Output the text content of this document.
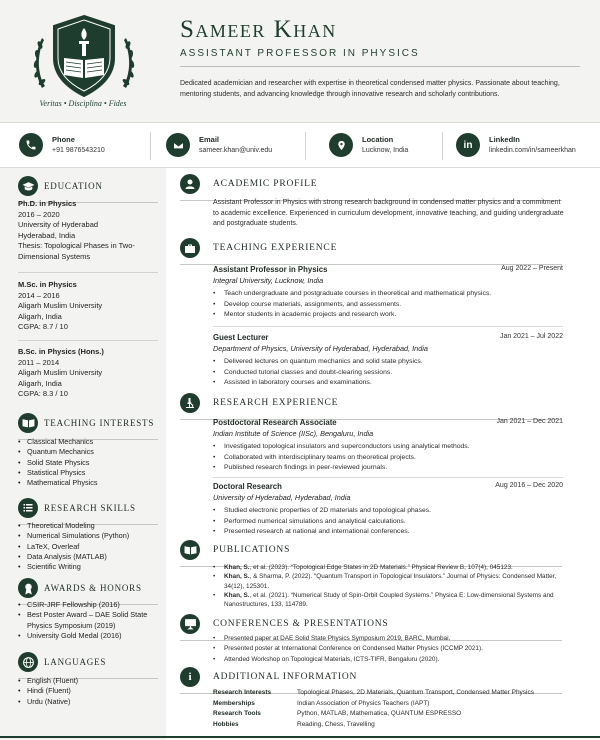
Veritas • Disciplina • Fides
Sameer Khan
ASSISTANT PROFESSOR IN PHYSICS
Dedicated academician and researcher with expertise in theoretical condensed matter physics. Passionate about teaching, mentoring students, and advancing knowledge through innovative research and scholarly contributions.
Phone
+91 9876543210
Email
sameer.khan@univ.edu
Location
Lucknow, India	in LinkedIn
linkedin.com/in/sameerkhan
EDUCATION
Ph.D. in Physics
2016 – 2020
University of Hyderabad
Hyderabad, India
Thesis: Topological Phases in Two-Dimensional Systems
M.Sc. in Physics
2014 – 2016
Aligarh Muslim University
Aligarh, India
CGPA: 8.7 / 10
B.Sc. in Physics (Hons.)
2011 – 2014
Aligarh Muslim University
Aligarh, India
CGPA: 8.3 / 10
TEACHING INTERESTS
• Classical Mechanics
• Quantum Mechanics
• Solid State Physics
• Statistical Physics
• Mathematical Physics
RESEARCH SKILLS
• Theoretical Modeling
• Numerical Simulations (Python)
• LaTeX, Overleaf
• Data Analysis (MATLAB)
• Scientific Writing
AWARDS & HONORS
• CSIR-JRF Fellowship (2016)
• Best Poster Award – DAE Solid State Physics Symposium (2019)
• University Gold Medal (2016)
LANGUAGES
• English (Fluent)
• Hindi (Fluent)
• Urdu (Native)
ACADEMIC PROFILE
Assistant Professor in Physics with strong research background in condensed matter physics and a commitment to academic excellence. Experienced in curriculum development, innovative teaching, and guiding undergraduate and postgraduate students.
TEACHING EXPERIENCE
Assistant Professor in Physics	Aug 2022 – Present
Integral University, Lucknow, India
• Teach undergraduate and postgraduate courses in theoretical and mathematical physics.
• Develop course materials, assignments, and assessments.
• Mentor students in academic projects and research work.
Guest Lecturer	Jan 2021 – Jul 2022
Department of Physics, University of Hyderabad, Hyderabad, India
• Delivered lectures on quantum mechanics and solid state physics.
• Conducted tutorial classes and doubt-clearing sessions.
• Assisted in laboratory courses and examinations.
RESEARCH EXPERIENCE
Postdoctoral Research Associate	Jan 2021 – Dec 2021
Indian Institute of Science (IISc), Bengaluru, India
• Investigated topological insulators and superconductors using analytical methods.
• Collaborated with interdisciplinary teams on theoretical projects.
• Published research findings in peer-reviewed journals.
Doctoral Research	Aug 2016 – Dec 2020
University of Hyderabad, Hyderabad, India
• Studied electronic properties of 2D materials and topological phases.
• Performed numerical simulations and analytical calculations.
• Presented research at national and international conferences.
PUBLICATIONS
• Khan, S., et al. (2023). “Topological Edge States in 2D Materials.” Physical Review B, 107(4), 045123.
• Khan, S., & Sharma, P. (2022). “Quantum Transport in Topological Insulators.” Journal of Physics: Condensed Matter, 34(12), 125301.
• Khan, S., et al. (2021). “Numerical Study of Spin-Orbit Coupled Systems.” Physica E: Low-dimensional Systems and Nanostructures, 133, 114789.
CONFERENCES & PRESENTATIONS
• Presented paper at DAE Solid State Physics Symposium 2019, BARC, Mumbai.
• Presented poster at International Conference on Condensed Matter Physics (ICCMP 2021).
• Attended Workshop on Topological Materials, ICTS-TIFR, Bengaluru (2020).
i ADDITIONAL INFORMATION
Research Interests	Topological Phases, 2D Materials, Quantum Transport, Condensed Matter Physics
Memberships	Indian Association of Physics Teachers (IAPT)
Research Tools	Python, MATLAB, Mathematica, QUANTUM ESPRESSO
Hobbies	Reading, Chess, Travelling
